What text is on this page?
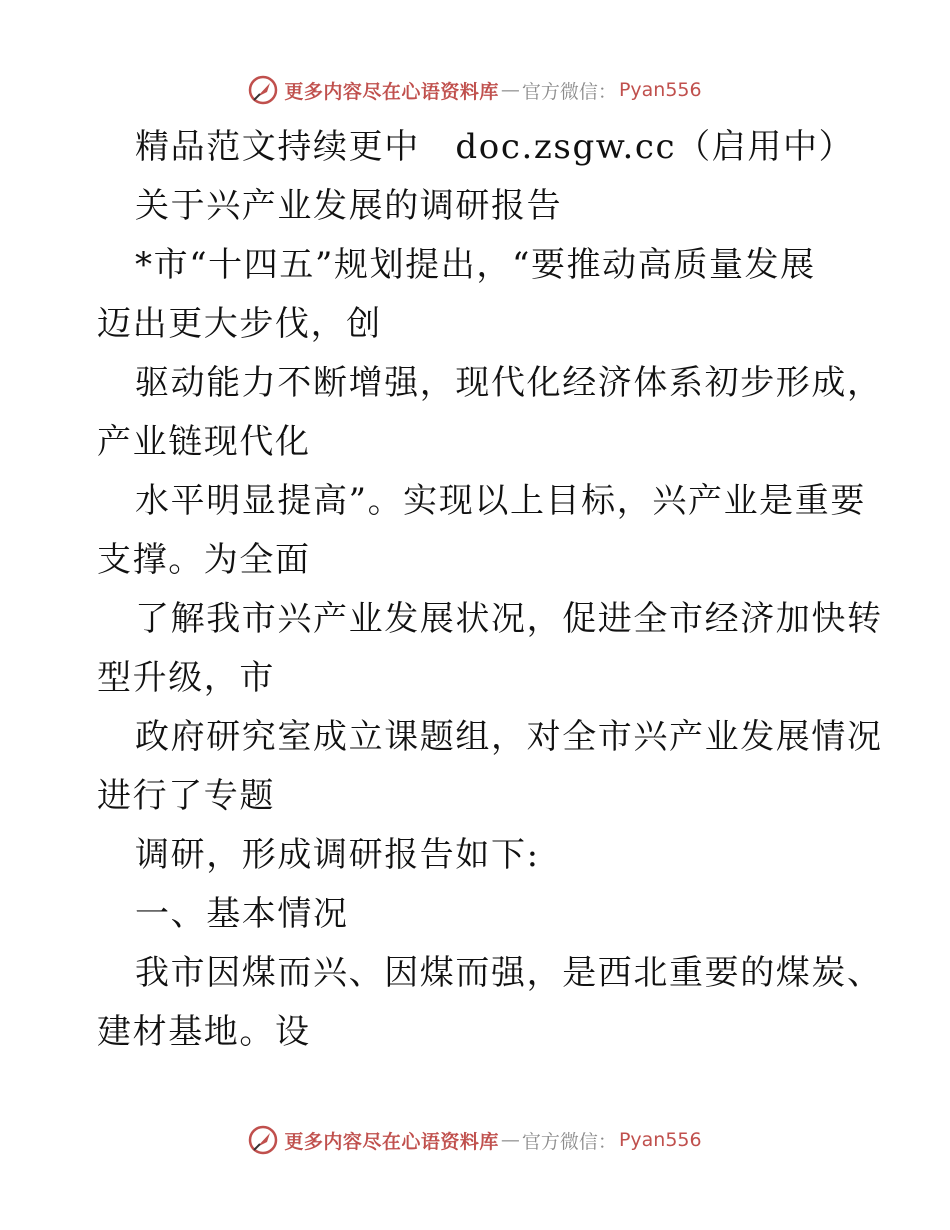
更多内容尽在心语资料库 — 官方微信： Pyan556
精品范文持续更中　doc.zsgw.cc（启用中）
关于兴产业发展的调研报告
*市“十四五”规划提出，“要推动高质量发展
迈出更大步伐，创
驱动能力不断增强，现代化经济体系初步形成，
产业链现代化
水平明显提高”。实现以上目标，兴产业是重要
支撑。为全面
了解我市兴产业发展状况，促进全市经济加快转
型升级，市
政府研究室成立课题组，对全市兴产业发展情况
进行了专题
调研，形成调研报告如下:
一、基本情况
我市因煤而兴、因煤而强，是西北重要的煤炭、
建材基地。设
更多内容尽在心语资料库 — 官方微信： Pyan556
